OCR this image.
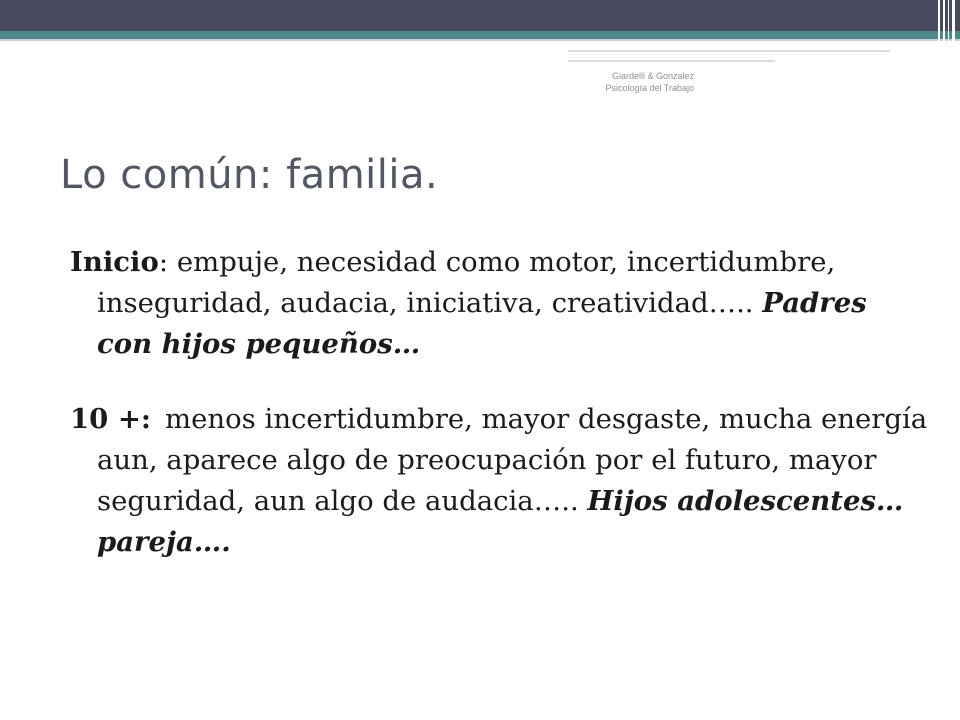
Giardelli & Gonzalez
Psicología del Trabajo
Lo común: familia.

Inicio: empuje, necesidad como motor, incertidumbre, inseguridad, audacia, iniciativa, creatividad….. Padres con hijos pequeños…

10 +: menos incertidumbre, mayor desgaste, mucha energía aun, aparece algo de preocupación por el futuro, mayor seguridad, aun algo de audacia….. Hijos adolescentes… pareja….
